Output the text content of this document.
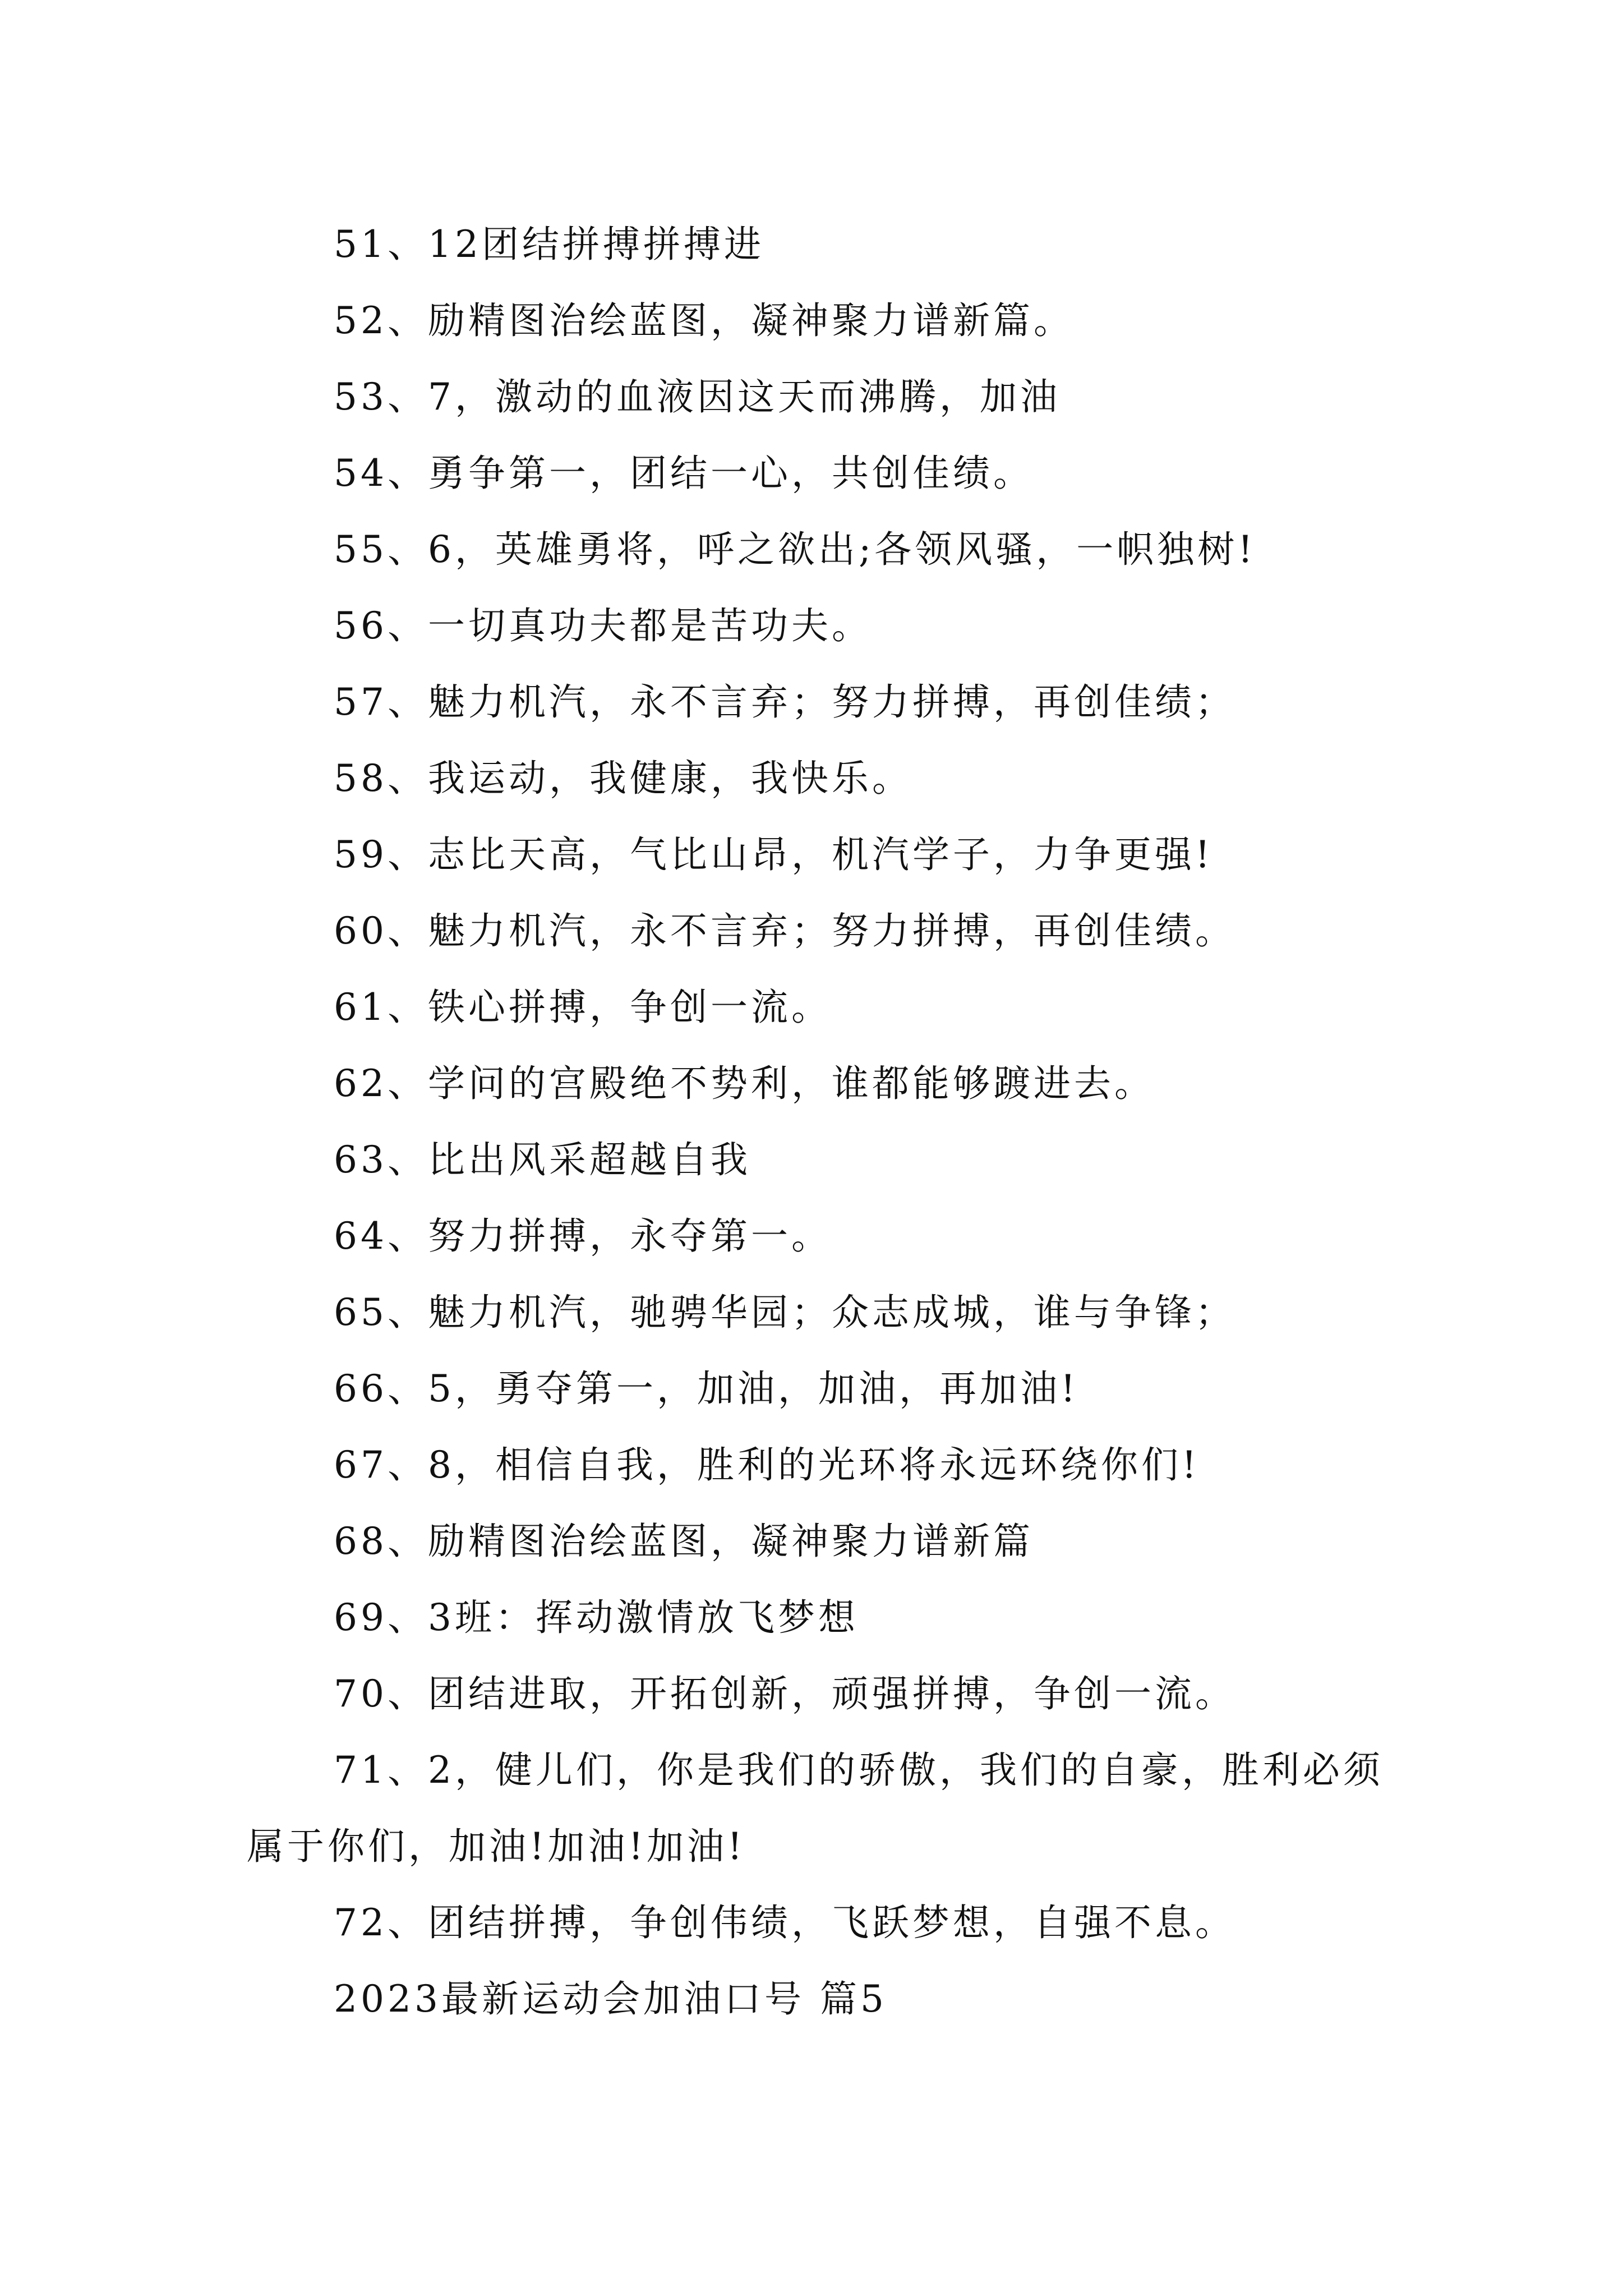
51、12团结拼搏拼搏进

52、励精图治绘蓝图，凝神聚力谱新篇。

53、7，激动的血液因这天而沸腾，加油

54、勇争第一，团结一心，共创佳绩。

55、6，英雄勇将，呼之欲出;各领风骚，一帜独树!

56、一切真功夫都是苦功夫。

57、魅力机汽，永不言弃；努力拼搏，再创佳绩；

58、我运动，我健康，我快乐。

59、志比天高，气比山昂，机汽学子，力争更强!

60、魅力机汽，永不言弃；努力拼搏，再创佳绩。

61、铁心拼搏，争创一流。

62、学问的宫殿绝不势利，谁都能够踱进去。

63、比出风采超越自我

64、努力拼搏，永夺第一。

65、魅力机汽，驰骋华园；众志成城，谁与争锋；

66、5，勇夺第一，加油，加油，再加油!

67、8，相信自我，胜利的光环将永远环绕你们!

68、励精图治绘蓝图，凝神聚力谱新篇

69、3班：挥动激情放飞梦想

70、团结进取，开拓创新，顽强拼搏，争创一流。

71、2，健儿们，你是我们的骄傲，我们的自豪，胜利必须属于你们，加油!加油!加油!

72、团结拼搏，争创伟绩，飞跃梦想，自强不息。

2023最新运动会加油口号 篇5
